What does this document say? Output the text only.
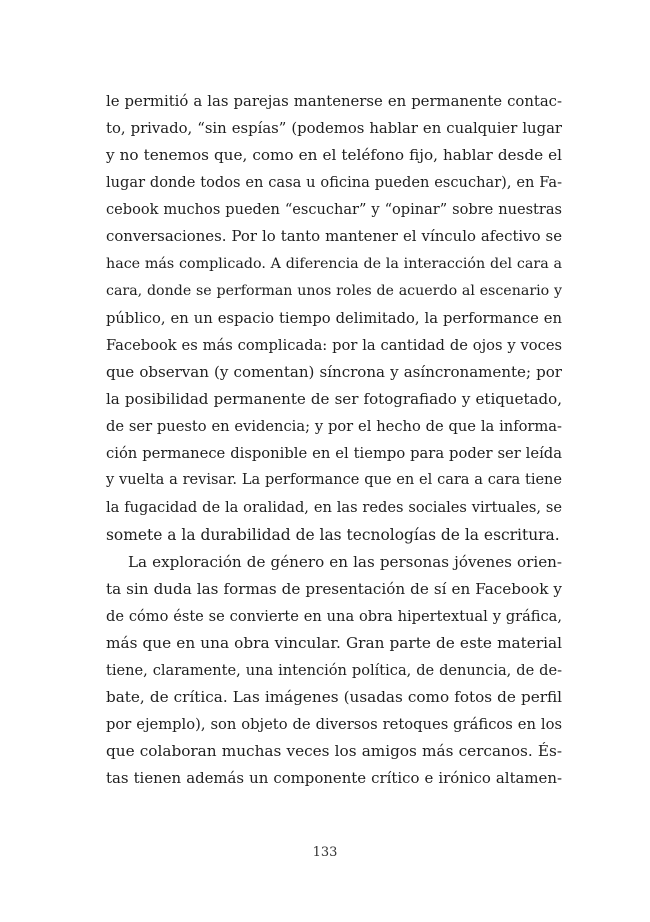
le permitió a las parejas mantenerse en permanente contac-
to, privado, “sin espías” (podemos hablar en cualquier lugar
y no tenemos que, como en el teléfono fijo, hablar desde el
lugar donde todos en casa u oficina pueden escuchar), en Fa-
cebook muchos pueden “escuchar” y “opinar” sobre nuestras
conversaciones. Por lo tanto mantener el vínculo afectivo se
hace más complicado. A diferencia de la interacción del cara a
cara, donde se performan unos roles de acuerdo al escenario y
público, en un espacio tiempo delimitado, la performance en
Facebook es más complicada: por la cantidad de ojos y voces
que observan (y comentan) síncrona y asíncronamente; por
la posibilidad permanente de ser fotografiado y etiquetado,
de ser puesto en evidencia; y por el hecho de que la informa-
ción permanece disponible en el tiempo para poder ser leída
y vuelta a revisar. La performance que en el cara a cara tiene
la fugacidad de la oralidad, en las redes sociales virtuales, se
somete a la durabilidad de las tecnologías de la escritura.
La exploración de género en las personas jóvenes orien-
ta sin duda las formas de presentación de sí en Facebook y
de cómo éste se convierte en una obra hipertextual y gráfica,
más que en una obra vincular. Gran parte de este material
tiene, claramente, una intención política, de denuncia, de de-
bate, de crítica. Las imágenes (usadas como fotos de perfil
por ejemplo), son objeto de diversos retoques gráficos en los
que colaboran muchas veces los amigos más cercanos. És-
tas tienen además un componente crítico e irónico altamen-
133
